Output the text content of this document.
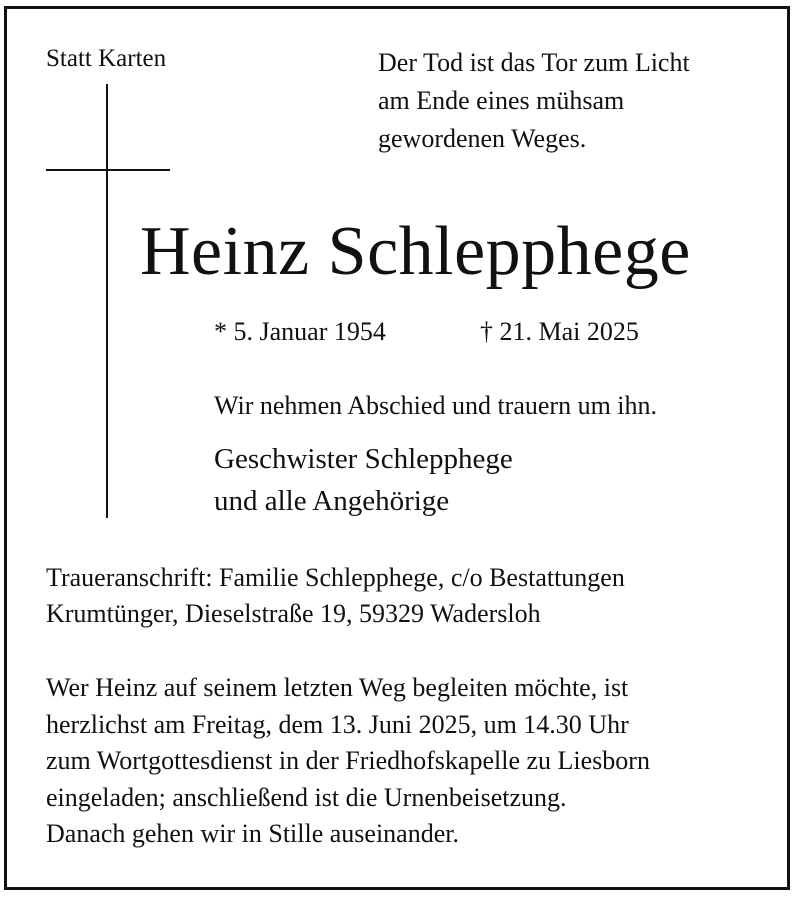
Statt Karten	Der Tod ist das Tor zum Licht
am Ende eines mühsam
gewordenen Weges.
Heinz Schlepphege
* 5. Januar 1954	† 21. Mai 2025
Wir nehmen Abschied und trauern um ihn.
Geschwister Schlepphege
und alle Angehörige
Traueranschrift: Familie Schlepphege, c/o Bestattungen
Krumtünger, Dieselstraße 19, 59329 Wadersloh
Wer Heinz auf seinem letzten Weg begleiten möchte, ist
herzlichst am Freitag, dem 13. Juni 2025, um 14.30 Uhr
zum Wortgottesdienst in der Friedhofskapelle zu Liesborn
eingeladen; anschließend ist die Urnenbeisetzung.
Danach gehen wir in Stille auseinander.
